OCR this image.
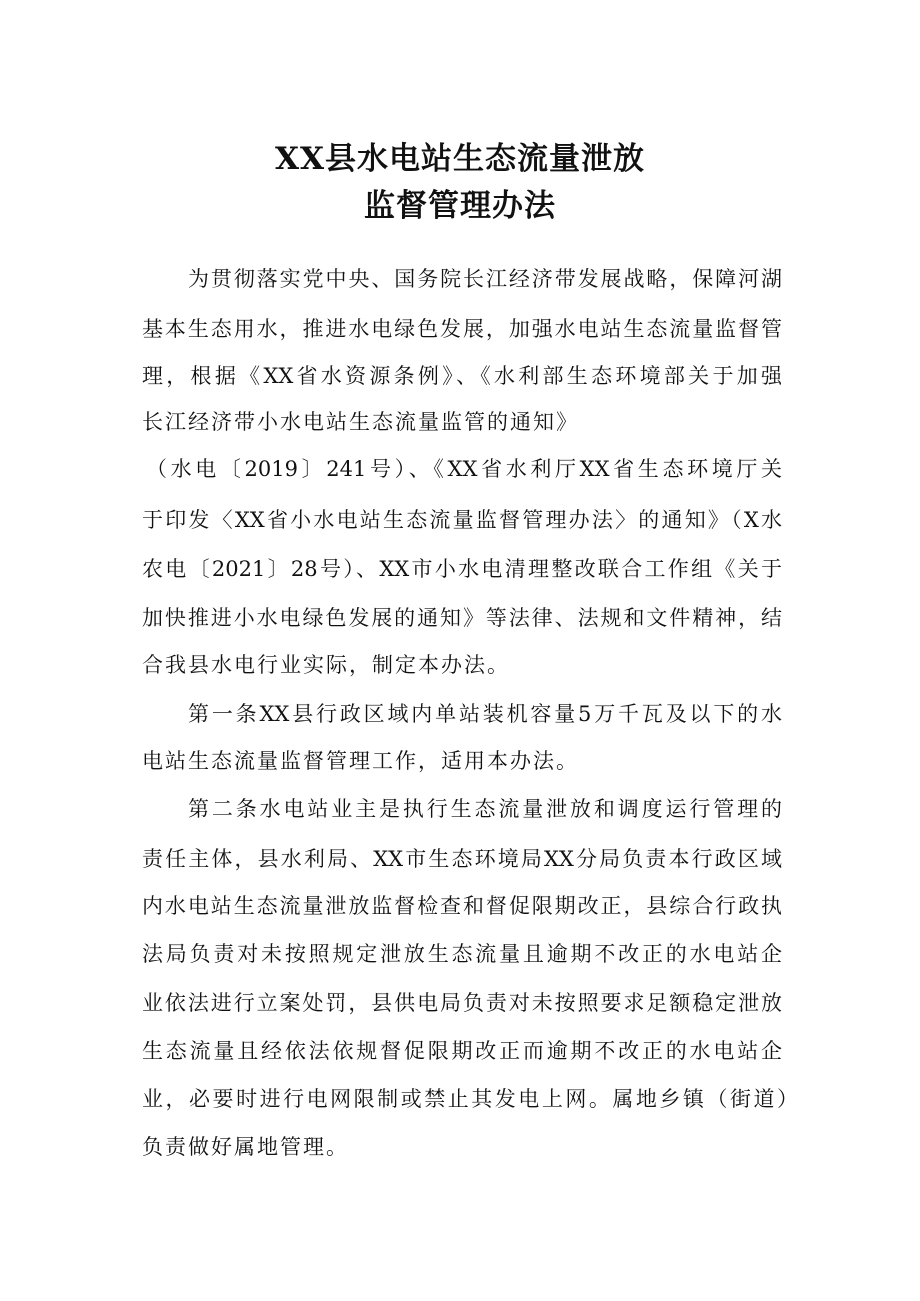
XX县水电站生态流量泄放
监督管理办法
为贯彻落实党中央、国务院长江经济带发展战略，保障河湖
基本生态用水，推进水电绿色发展，加强水电站生态流量监督管
理，根据《XX省水资源条例》、《水利部生态环境部关于加强
长江经济带小水电站生态流量监管的通知》
（水电〔2019〕241号）、《XX省水利厅XX省生态环境厅关
于印发〈XX省小水电站生态流量监督管理办法〉的通知》（X水
农电〔2021〕28号）、XX市小水电清理整改联合工作组《关于
加快推进小水电绿色发展的通知》等法律、法规和文件精神，结
合我县水电行业实际，制定本办法。
第一条XX县行政区域内单站装机容量5万千瓦及以下的水
电站生态流量监督管理工作，适用本办法。
第二条水电站业主是执行生态流量泄放和调度运行管理的
责任主体，县水利局、XX市生态环境局XX分局负责本行政区域
内水电站生态流量泄放监督检查和督促限期改正，县综合行政执
法局负责对未按照规定泄放生态流量且逾期不改正的水电站企
业依法进行立案处罚，县供电局负责对未按照要求足额稳定泄放
生态流量且经依法依规督促限期改正而逾期不改正的水电站企
业，必要时进行电网限制或禁止其发电上网。属地乡镇（街道）
负责做好属地管理。
